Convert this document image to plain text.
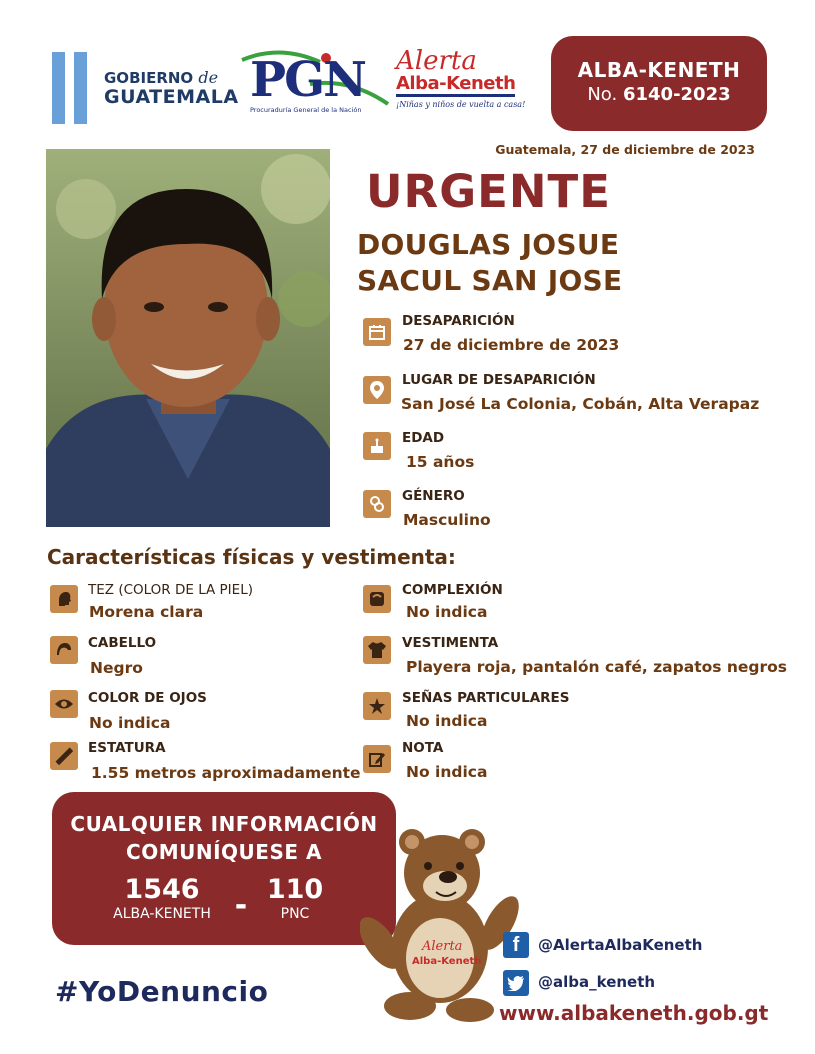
GOBIERNO de
GUATEMALA PGN
Procuraduría General de la Nación
Alerta
Alba-Keneth
¡Niñas y niños de vuelta a casa!
ALBA-KENETH
No. 6140-2023
Guatemala, 27 de diciembre de 2023
URGENTE
DOUGLAS JOSUE
SACUL SAN JOSE
DESAPARICIÓN
27 de diciembre de 2023
LUGAR DE DESAPARICIÓN
San José La Colonia, Cobán, Alta Verapaz
EDAD
15 años
GÉNERO
Masculino
Características físicas y vestimenta:
TEZ (COLOR DE LA PIEL)
Morena clara
CABELLO
Negro
COLOR DE OJOS
No indica
ESTATURA
1.55 metros aproximadamente
COMPLEXIÓN
No indica
VESTIMENTA
Playera roja, pantalón café, zapatos negros
SEÑAS PARTICULARES
No indica
NOTA
No indica
CUALQUIER INFORMACIÓN
COMUNÍQUESE A
1546
ALBA-KENETH - 110
PNC
Alerta
Alba-Keneth
#YoDenuncio
f	@AlertaAlbaKeneth
@alba_keneth
www.albakeneth.gob.gt
